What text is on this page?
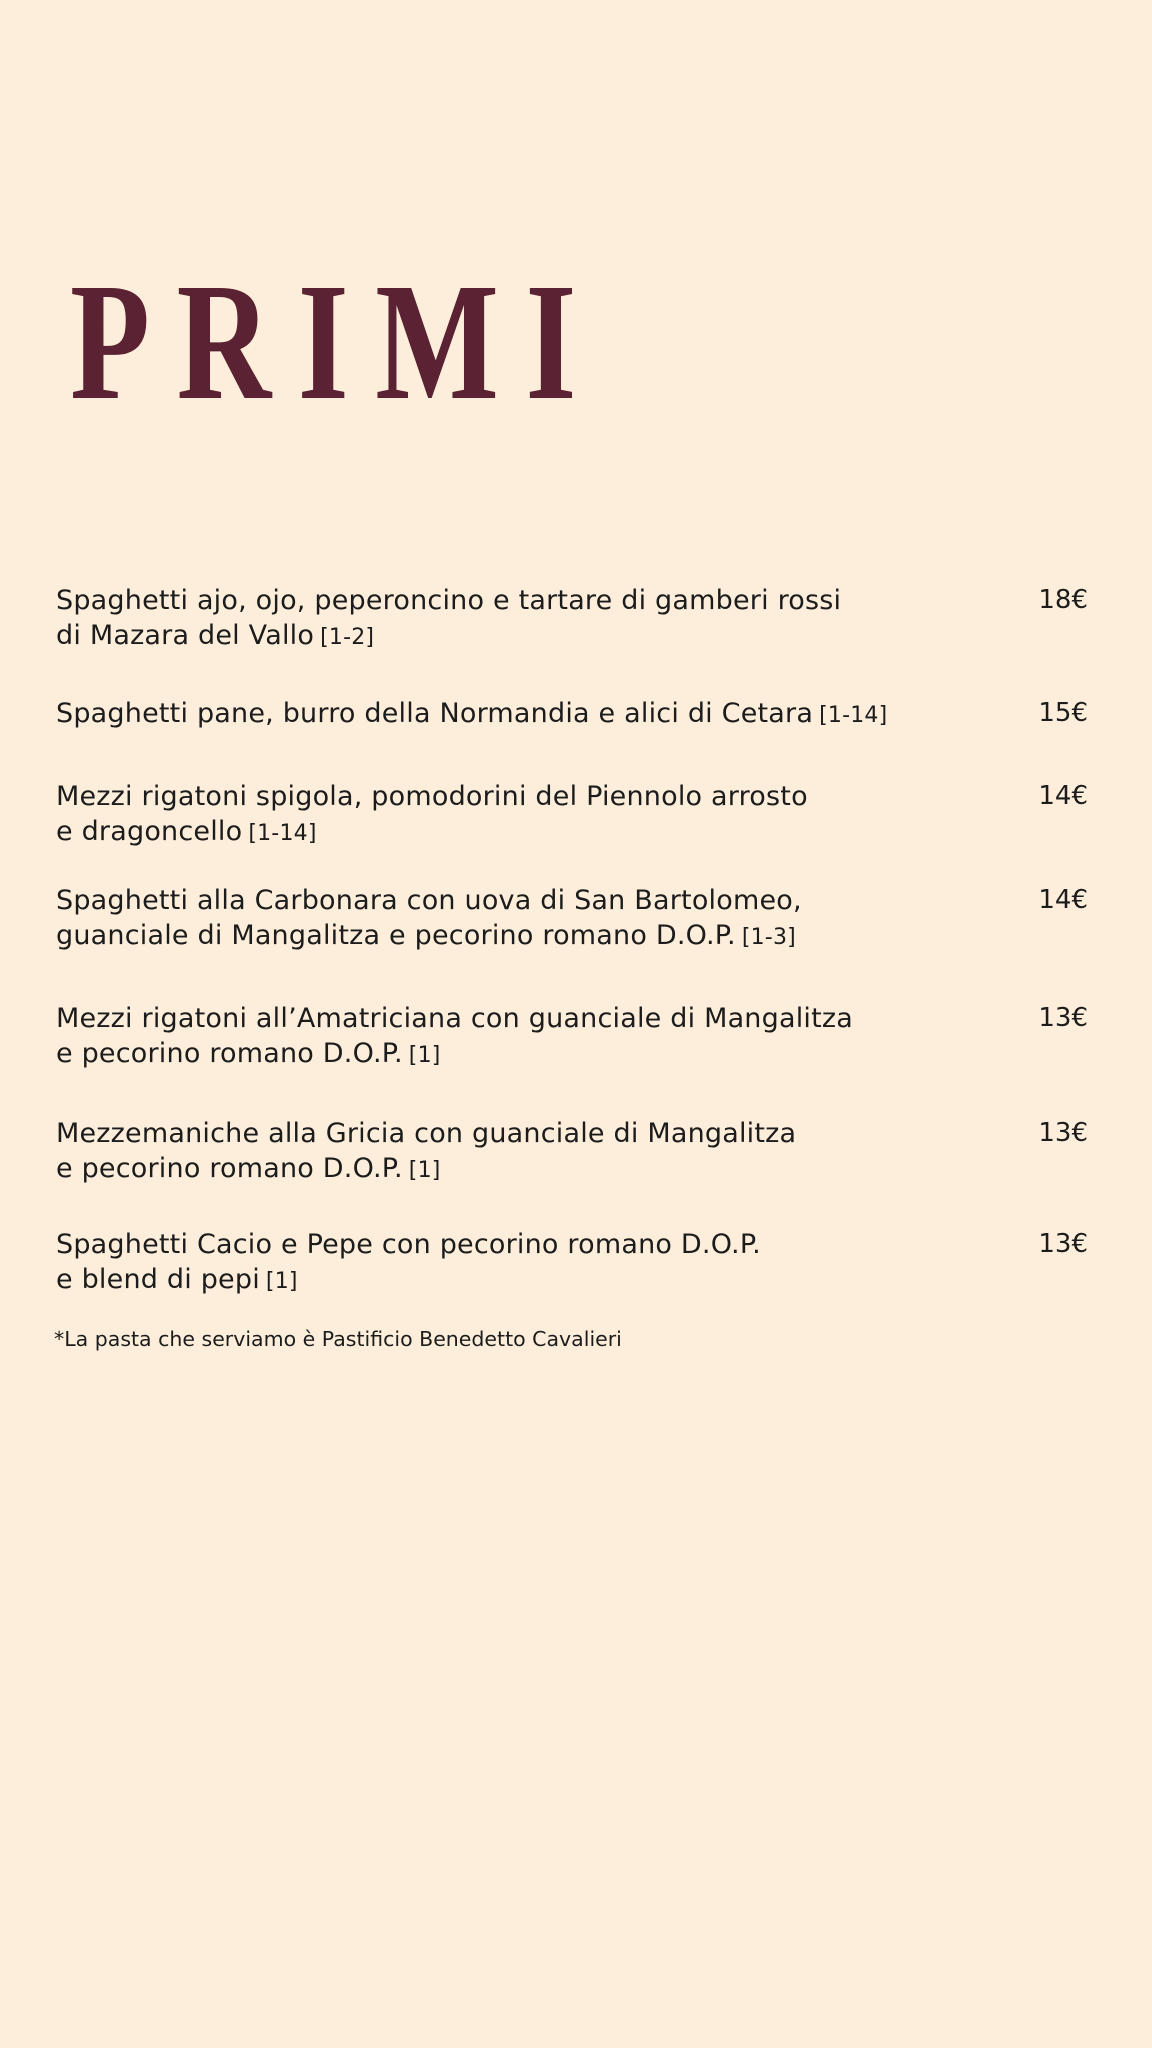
PRIMI
Spaghetti ajo, ojo, peperoncino e tartare di gamberi rossi
di Mazara del Vallo [1-2]
18€
Spaghetti pane, burro della Normandia e alici di Cetara [1-14]	15€
Mezzi rigatoni spigola, pomodorini del Piennolo arrosto
e dragoncello [1-14]
14€
Spaghetti alla Carbonara con uova di San Bartolomeo,
guanciale di Mangalitza e pecorino romano D.O.P. [1-3]
14€
Mezzi rigatoni all’Amatriciana con guanciale di Mangalitza
e pecorino romano D.O.P. [1]
13€
Mezzemaniche alla Gricia con guanciale di Mangalitza
e pecorino romano D.O.P. [1]
13€
Spaghetti Cacio e Pepe con pecorino romano D.O.P.
e blend di pepi [1]
13€
*La pasta che serviamo è Pastificio Benedetto Cavalieri
